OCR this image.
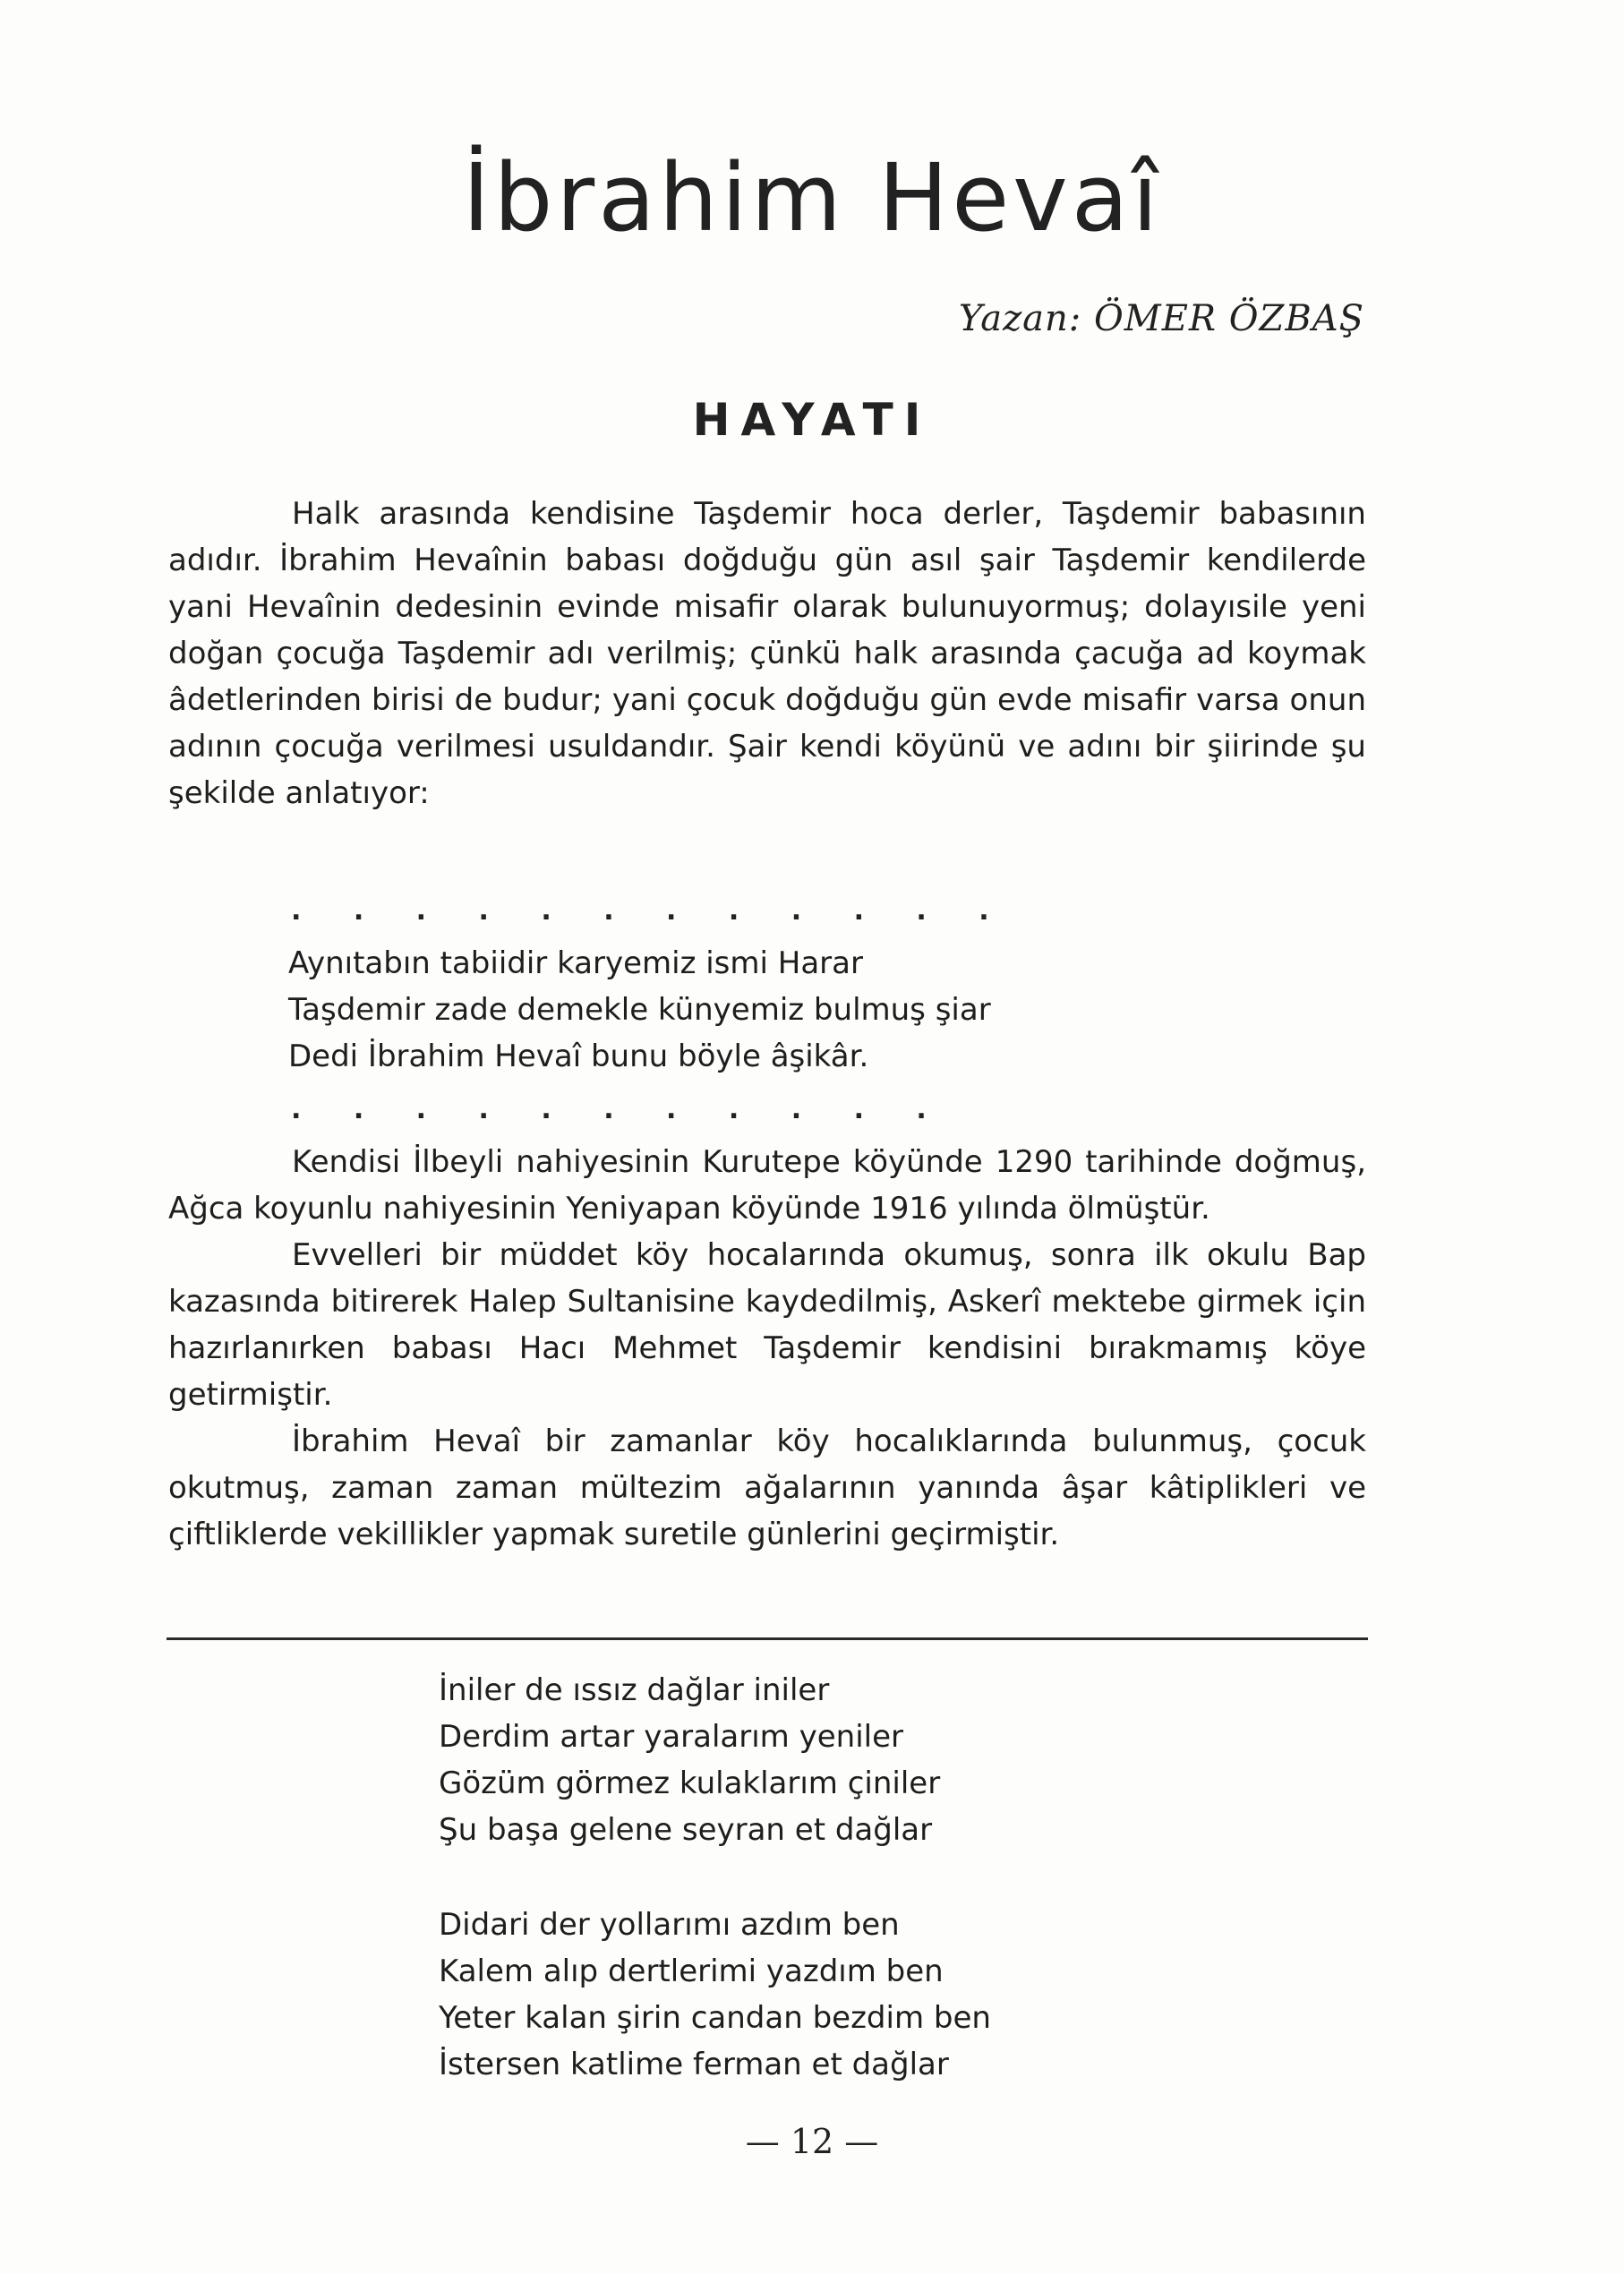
İbrahim Hevaî
Yazan: ÖMER ÖZBAŞ
HAYATI

Halk arasında kendisine Taşdemir hoca derler, Taşdemir babasının adıdır. İbrahim Hevaînin babası doğduğu gün asıl şair Taşdemir kendilerde yani Hevaînin dedesinin evinde misafir olarak bulunuyormuş; dolayısile yeni doğan çocuğa Taşdemir adı verilmiş; çünkü halk arasında çacuğa ad koymak âdetlerinden birisi de budur; yani çocuk doğduğu gün evde misafir varsa onun adının çocuğa verilmesi usuldandır. Şair kendi köyünü ve adını bir şiirinde şu şekilde anlatıyor:

. . . . . . . . . . . .
Aynıtabın tabiidir karyemiz ismi Harar
Taşdemir zade demekle künyemiz bulmuş şiar
Dedi İbrahim Hevaî bunu böyle âşikâr.
. . . . . . . . . . .

Kendisi İlbeyli nahiyesinin Kurutepe köyünde 1290 tarihinde doğmuş, Ağca koyunlu nahiyesinin Yeniyapan köyünde 1916 yılında ölmüştür.

Evvelleri bir müddet köy hocalarında okumuş, sonra ilk okulu Bap kazasında bitirerek Halep Sultanisine kaydedilmiş, Askerî mektebe girmek için hazırlanırken babası Hacı Mehmet Taşdemir kendisini bırakmamış köye getirmiştir.

İbrahim Hevaî bir zamanlar köy hocalıklarında bulunmuş, çocuk okutmuş, zaman zaman mültezim ağalarının yanında âşar kâtiplikleri ve çiftliklerde vekillikler yapmak suretile günlerini geçirmiştir.

İniler de ıssız dağlar iniler
Derdim artar yaralarım yeniler
Gözüm görmez kulaklarım çiniler
Şu başa gelene seyran et dağlar
Didari der yollarımı azdım ben
Kalem alıp dertlerimi yazdım ben
Yeter kalan şirin candan bezdim ben
İstersen katlime ferman et dağlar
— 12 —
